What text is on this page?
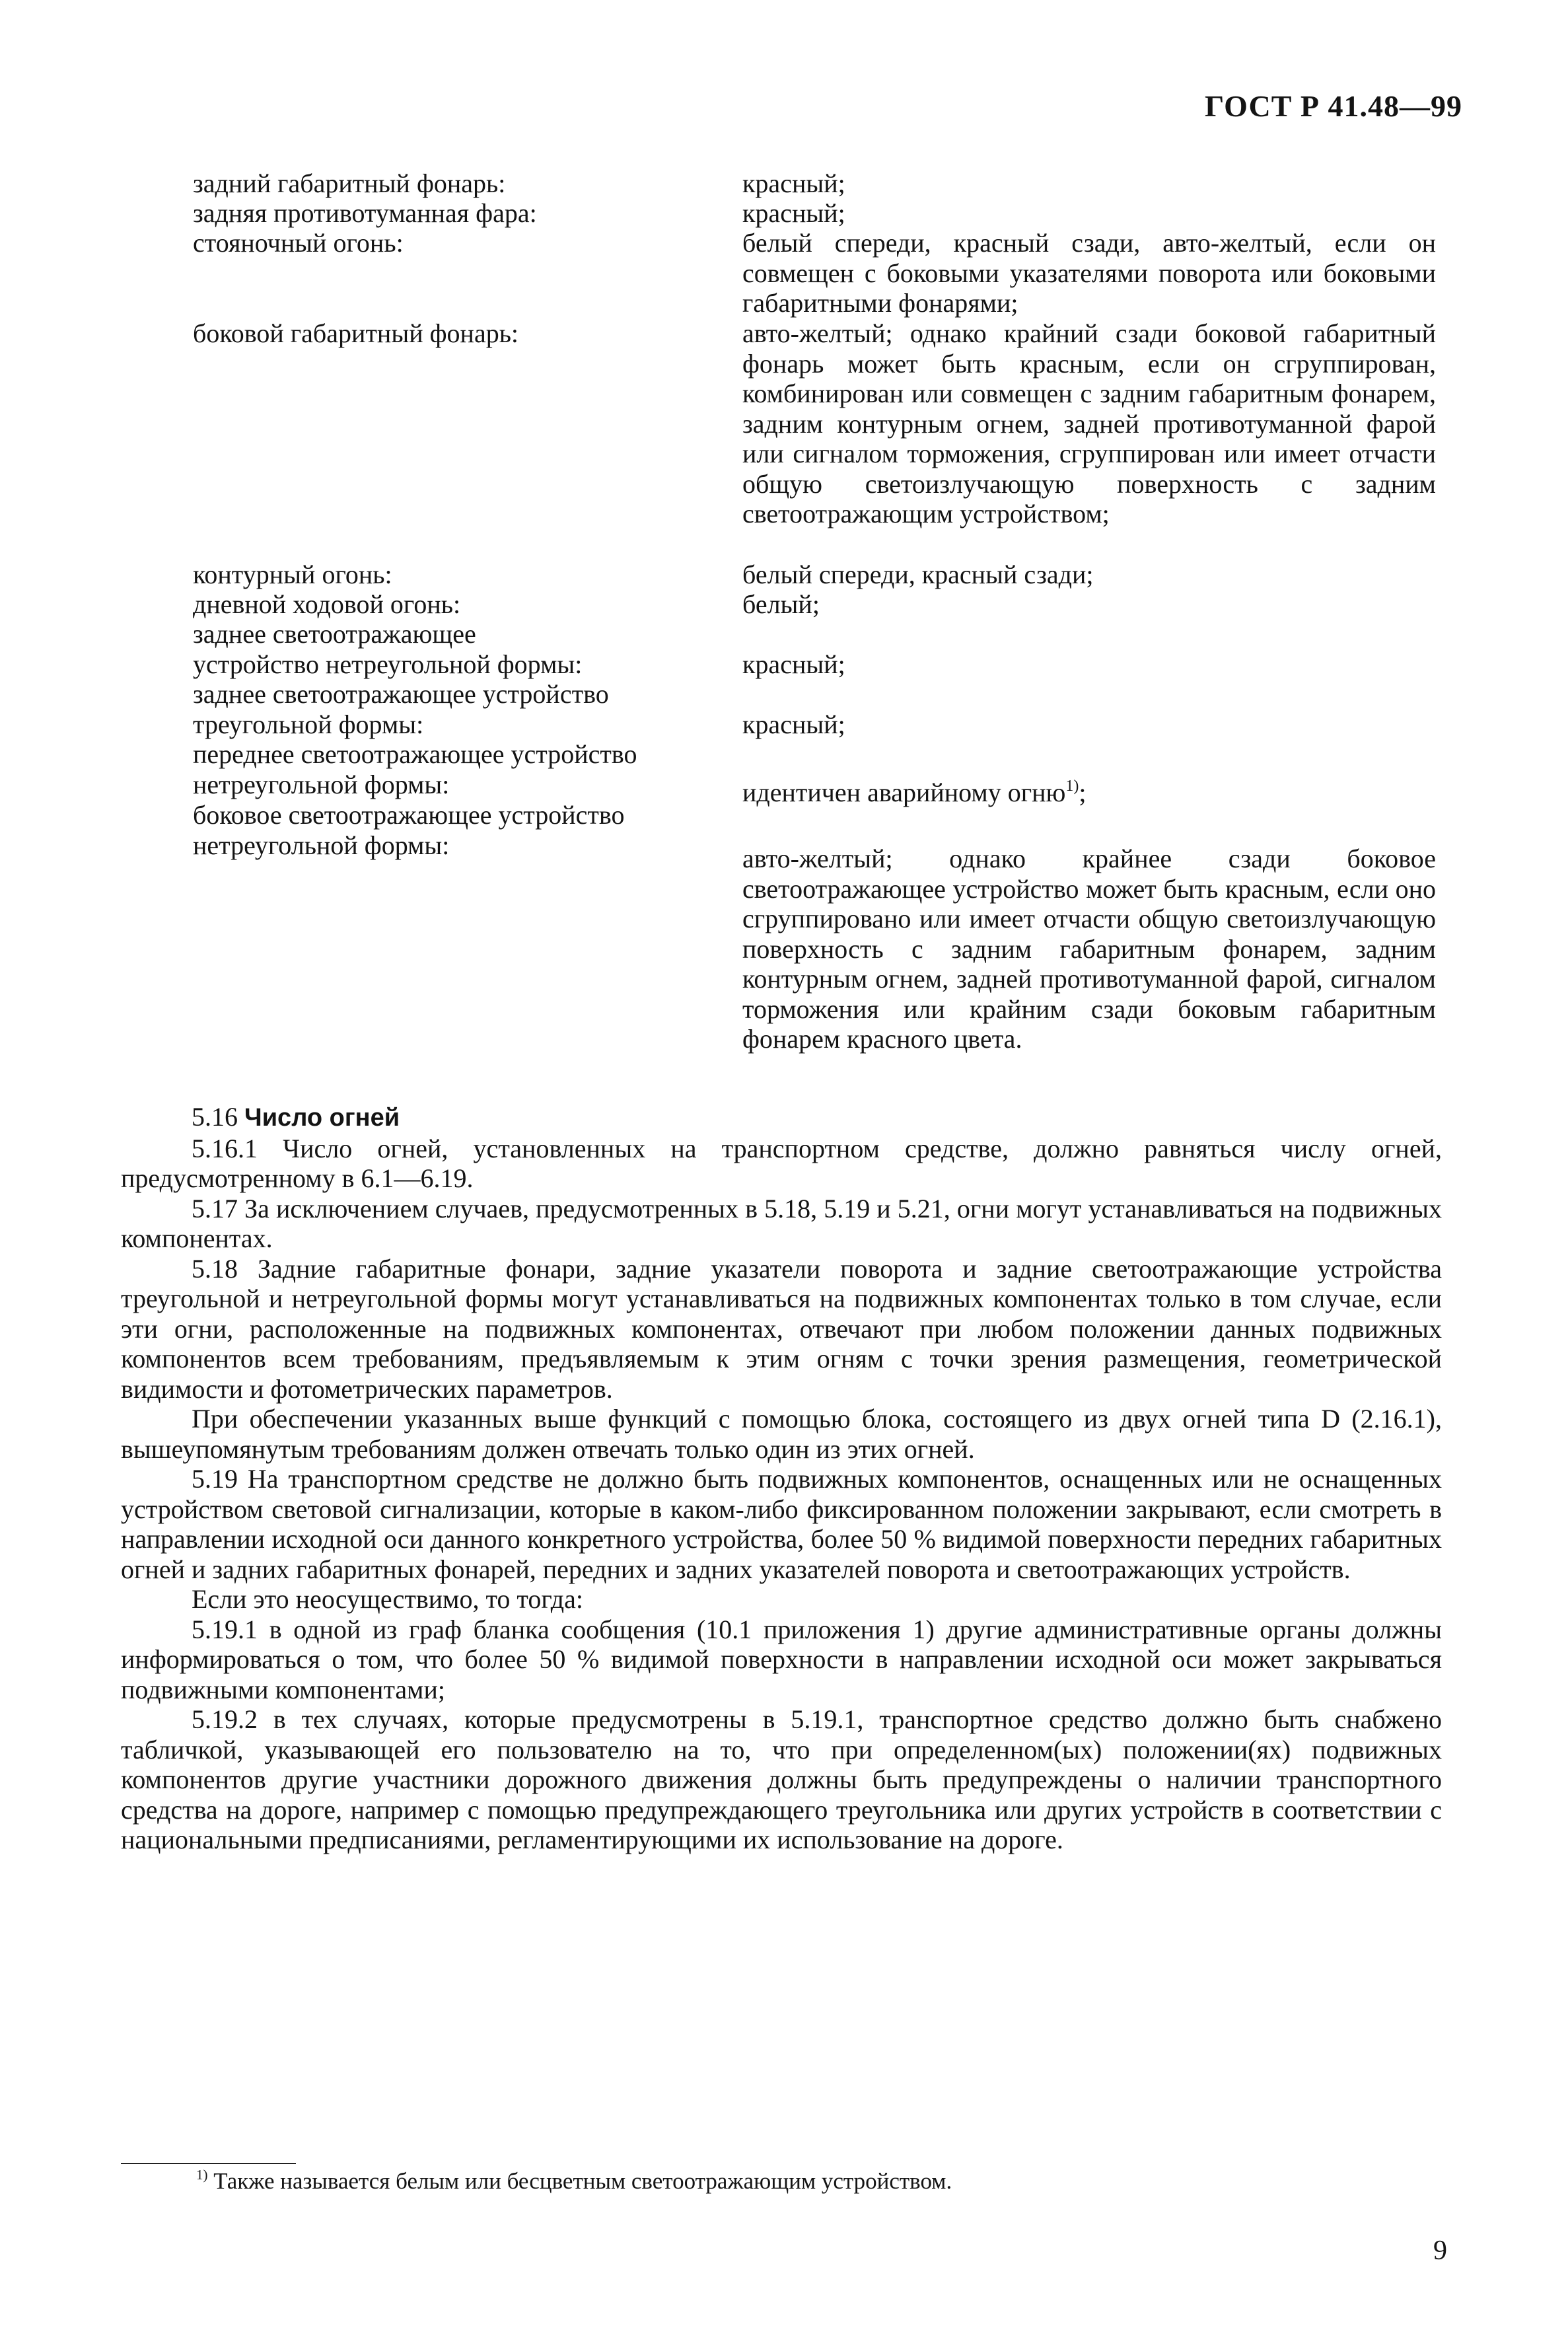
ГОСТ Р 41.48—99
задний габаритный фонарь:	красный;
задняя противотуманная фара:	красный;
стояночный огонь:	белый спереди, красный сзади, авто-желтый, если он совмещен с боковыми указателями поворота или боковыми габаритными фонарями;
боковой габаритный фонарь:	авто-желтый; однако крайний сзади боковой габаритный фонарь может быть красным, если он сгруппирован, комбинирован или совмещен с задним габаритным фонарем, задним контурным огнем, задней противотуманной фарой или сигналом торможения, сгруппирован или имеет отчасти общую светоизлучающую поверхность с задним светоотражающим устройством;
контурный огонь:	белый спереди, красный сзади;
дневной ходовой огонь:	белый;
заднее светоотражающее
устройство нетреугольной формы:	красный;
заднее светоотражающее устройство
треугольной формы:	красный;
переднее светоотражающее устройство
нетреугольной формы:	идентичен аварийному огню$^{1)}$;
боковое светоотражающее устройство
нетреугольной формы:	авто-желтый; однако крайнее сзади боковое светоотражающее устройство может быть красным, если оно сгруппировано или имеет отчасти общую светоизлучающую поверхность с задним габаритным фонарем, задним контурным огнем, задней противотуманной фарой, сигналом торможения или крайним сзади боковым габаритным фонарем красного цвета.

5.16 Число огней

5.16.1 Число огней, установленных на транспортном средстве, должно равняться числу огней, предусмотренному в 6.1—6.19.

5.17 За исключением случаев, предусмотренных в 5.18, 5.19 и 5.21, огни могут устанавливаться на подвижных компонентах.

5.18 Задние габаритные фонари, задние указатели поворота и задние светоотражающие устройства треугольной и нетреугольной формы могут устанавливаться на подвижных компонентах только в том случае, если эти огни, расположенные на подвижных компонентах, отвечают при любом положении данных подвижных компонентов всем требованиям, предъявляемым к этим огням с точки зрения размещения, геометрической видимости и фотометрических параметров.

При обеспечении указанных выше функций с помощью блока, состоящего из двух огней типа D (2.16.1), вышеупомянутым требованиям должен отвечать только один из этих огней.

5.19 На транспортном средстве не должно быть подвижных компонентов, оснащенных или не оснащенных устройством световой сигнализации, которые в каком-либо фиксированном положении закрывают, если смотреть в направлении исходной оси данного конкретного устройства, более 50 % видимой поверхности передних габаритных огней и задних габаритных фонарей, передних и задних указателей поворота и светоотражающих устройств.

Если это неосуществимо, то тогда:

5.19.1 в одной из граф бланка сообщения (10.1 приложения 1) другие административные органы должны информироваться о том, что более 50 % видимой поверхности в направлении исходной оси может закрываться подвижными компонентами;

5.19.2 в тех случаях, которые предусмотрены в 5.19.1, транспортное средство должно быть снабжено табличкой, указывающей его пользователю на то, что при определенном(ых) положении(ях) подвижных компонентов другие участники дорожного движения должны быть предупреждены о наличии транспортного средства на дороге, например с помощью предупреждающего треугольника или других устройств в соответствии с национальными предписаниями, регламентирующими их использование на дороге.

$^{1)}$ Также называется белым или бесцветным светоотражающим устройством.
9
